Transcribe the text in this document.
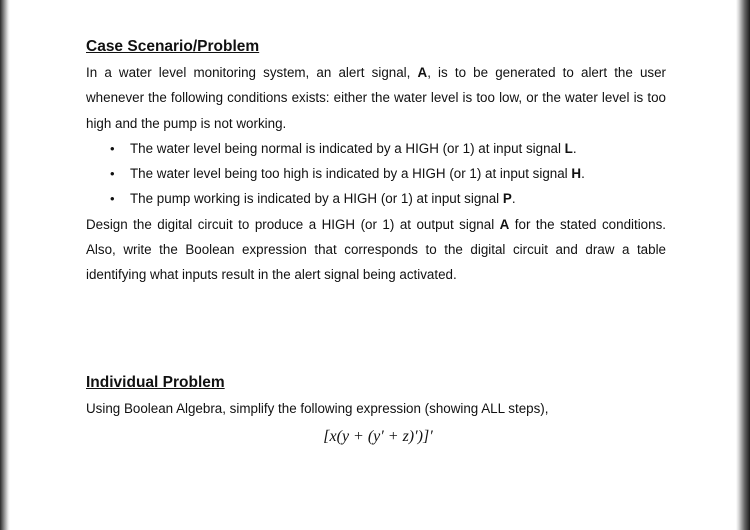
Case Scenario/Problem

In a water level monitoring system, an alert signal, A, is to be generated to alert the user whenever the following conditions exists: either the water level is too low, or the water level is too high and the pump is not working.

• The water level being normal is indicated by a HIGH (or 1) at input signal L.
• The water level being too high is indicated by a HIGH (or 1) at input signal H.
• The pump working is indicated by a HIGH (or 1) at input signal P.

Design the digital circuit to produce a HIGH (or 1) at output signal A for the stated conditions. Also, write the Boolean expression that corresponds to the digital circuit and draw a table identifying what inputs result in the alert signal being activated.

Individual Problem

Using Boolean Algebra, simplify the following expression (showing ALL steps),

[x(y + (y′ + z)′)]′
